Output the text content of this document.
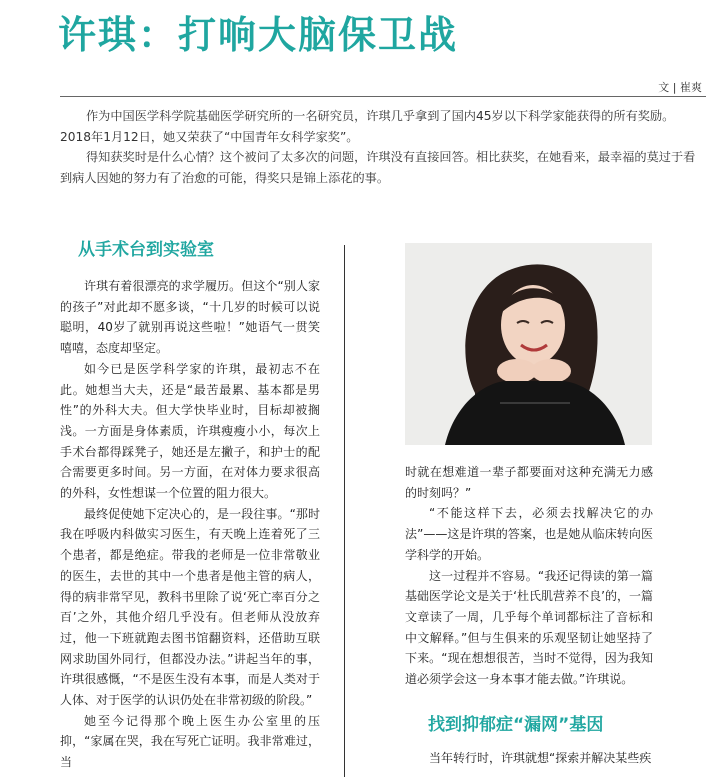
许琪：打响大脑保卫战
文 | 崔爽

作为中国医学科学院基础医学研究所的一名研究员，许琪几乎拿到了国内45岁以下科学家能获得的所有奖励。2018年1月12日，她又荣获了“中国青年女科学家奖”。

得知获奖时是什么心情？这个被问了太多次的问题，许琪没有直接回答。相比获奖，在她看来，最幸福的莫过于看到病人因她的努力有了治愈的可能，得奖只是锦上添花的事。

从手术台到实验室

许琪有着很漂亮的求学履历。但这个“别人家的孩子”对此却不愿多谈，“十几岁的时候可以说聪明，40岁了就别再说这些啦！”她语气一贯笑嘻嘻，态度却坚定。

如今已是医学科学家的许琪，最初志不在此。她想当大夫，还是“最苦最累、基本都是男性”的外科大夫。但大学快毕业时，目标却被搁浅。一方面是身体素质，许琪瘦瘦小小，每次上手术台都得踩凳子，她还是左撇子，和护士的配合需要更多时间。另一方面，在对体力要求很高的外科，女性想谋一个位置的阻力很大。

最终促使她下定决心的，是一段往事。“那时我在呼吸内科做实习医生，有天晚上连着死了三个患者，都是绝症。带我的老师是一位非常敬业的医生，去世的其中一个患者是他主管的病人，得的病非常罕见，教科书里除了说‘死亡率百分之百’之外，其他介绍几乎没有。但老师从没放弃过，他一下班就跑去图书馆翻资料，还借助互联网求助国外同行，但都没办法。”讲起当年的事，许琪很感慨，“不是医生没有本事，而是人类对于人体、对于医学的认识仍处在非常初级的阶段。”

她至今记得那个晚上医生办公室里的压抑，“家属在哭，我在写死亡证明。我非常难过，当

时就在想难道一辈子都要面对这种充满无力感的时刻吗？”

“不能这样下去，必须去找解决它的办法”——这是许琪的答案，也是她从临床转向医学科学的开始。

这一过程并不容易。“我还记得读的第一篇基础医学论文是关于‘杜氏肌营养不良’的，一篇文章读了一周，几乎每个单词都标注了音标和中文解释。”但与生俱来的乐观坚韧让她坚持了下来。“现在想想很苦，当时不觉得，因为我知道必须学会这一身本事才能去做。”许琪说。

找到抑郁症“漏网”基因

当年转行时，许琪就想“探索并解决某些疾
